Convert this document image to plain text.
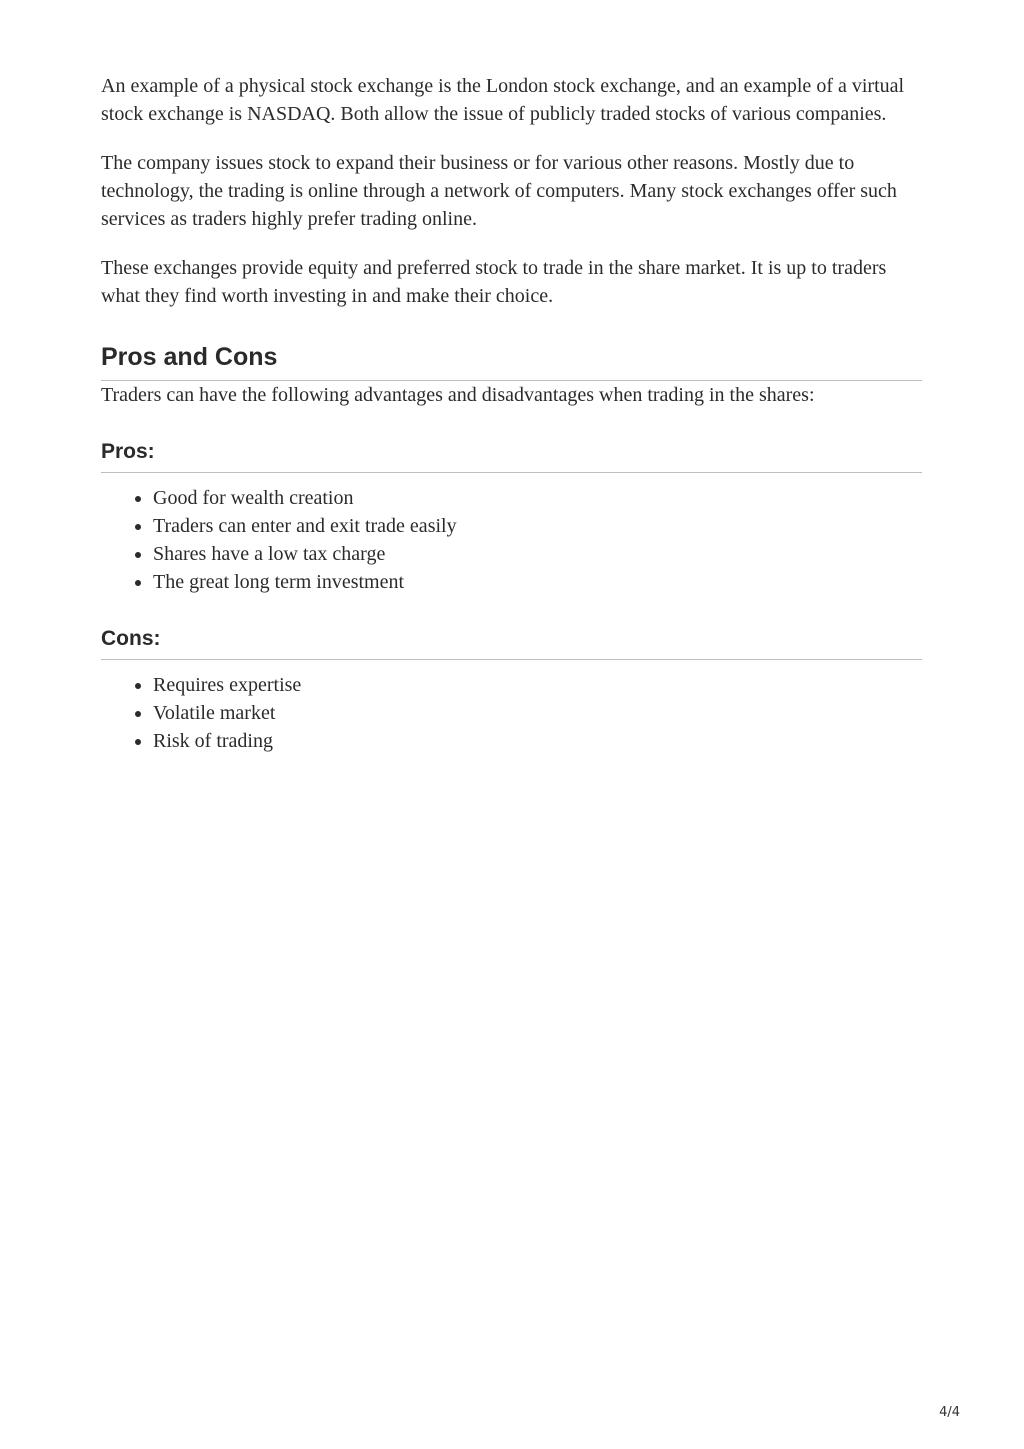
An example of a physical stock exchange is the London stock exchange, and an example of a virtual stock exchange is NASDAQ. Both allow the issue of publicly traded stocks of various companies.

The company issues stock to expand their business or for various other reasons. Mostly due to technology, the trading is online through a network of computers. Many stock exchanges offer such services as traders highly prefer trading online.

These exchanges provide equity and preferred stock to trade in the share market. It is up to traders what they find worth investing in and make their choice.

Pros and Cons

Traders can have the following advantages and disadvantages when trading in the shares:

Pros:
• Good for wealth creation
• Traders can enter and exit trade easily
• Shares have a low tax charge
• The great long term investment
Cons:
• Requires expertise
• Volatile market
• Risk of trading
4/4
